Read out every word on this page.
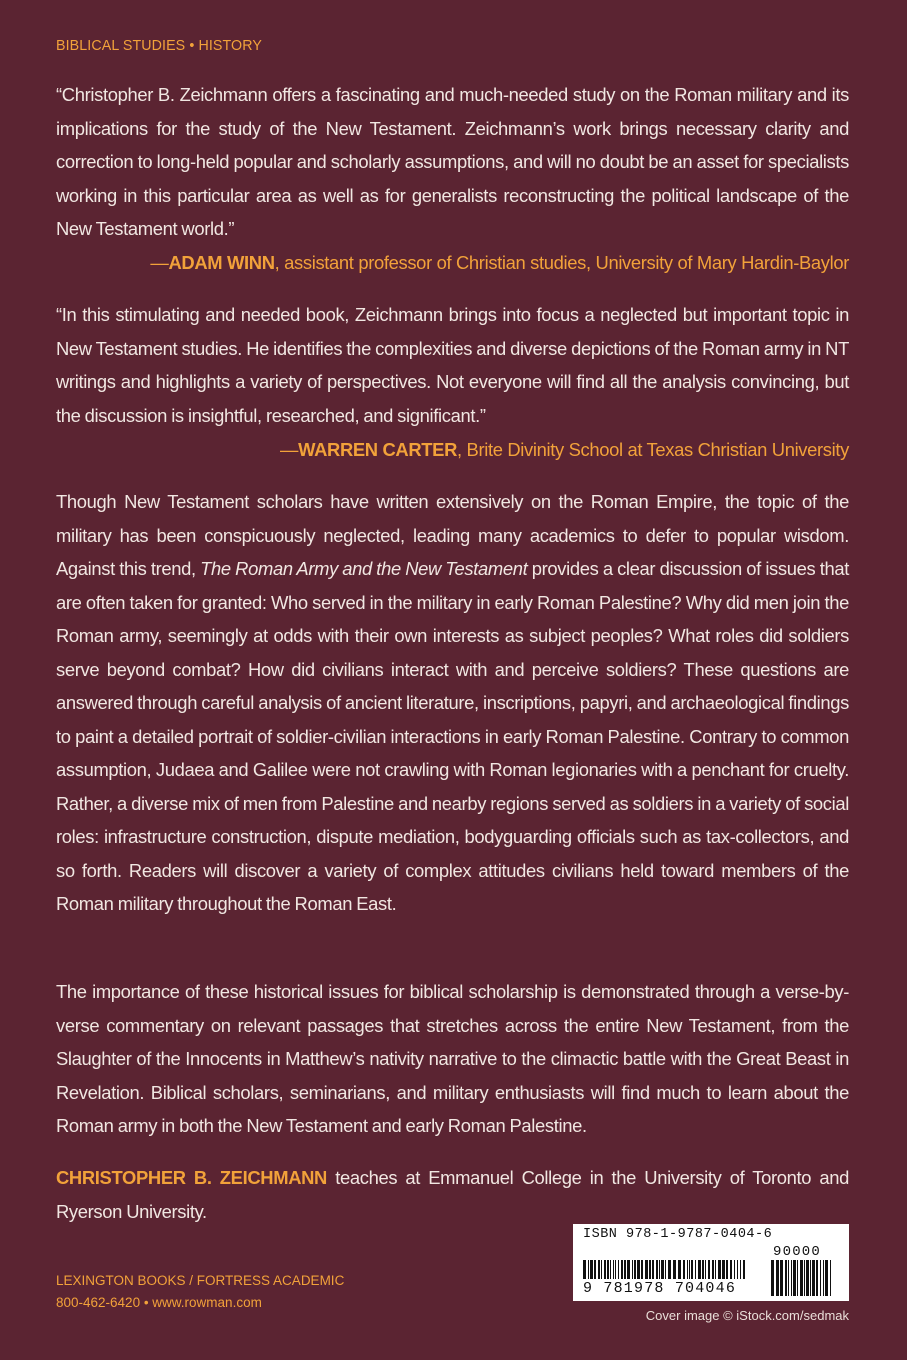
BIBLICAL STUDIES • HISTORY
“Christopher B. Zeichmann offers a fascinating and much-needed study on the Roman military and its implications for the study of the New Testament. Zeichmann’s work brings necessary clarity and correction to long-held popular and scholarly assumptions, and will no doubt be an asset for specialists working in this particular area as well as for generalists reconstructing the political landscape of the New Testament world.”
—ADAM WINN, assistant professor of Christian studies, University of Mary Hardin-Baylor
“In this stimulating and needed book, Zeichmann brings into focus a neglected but important topic in New Testament studies. He identifies the complexities and diverse depictions of the Roman army in NT writings and highlights a variety of perspectives. Not everyone will find all the analysis convincing, but the discussion is insightful, researched, and significant.”
—WARREN CARTER, Brite Divinity School at Texas Christian University
Though New Testament scholars have written extensively on the Roman Empire, the topic of the military has been conspicuously neglected, leading many academics to defer to popular wisdom. Against this trend, The Roman Army and the New Testament provides a clear discussion of issues that are often taken for granted: Who served in the military in early Roman Palestine? Why did men join the Roman army, seemingly at odds with their own interests as subject peoples? What roles did soldiers serve beyond combat? How did civilians interact with and perceive soldiers? These questions are answered through careful analysis of ancient literature, inscriptions, papyri, and archaeological findings to paint a detailed portrait of soldier-civilian interactions in early Roman Palestine. Contrary to common assumption, Judaea and Galilee were not crawling with Roman legionaries with a penchant for cruelty. Rather, a diverse mix of men from Palestine and nearby regions served as soldiers in a variety of social roles: infrastructure construction, dispute mediation, bodyguarding officials such as tax-collectors, and so forth. Readers will discover a variety of complex attitudes civilians held toward members of the Roman military throughout the Roman East.
The importance of these historical issues for biblical scholarship is demonstrated through a verse-by-verse commentary on relevant passages that stretches across the entire New Testament, from the Slaughter of the Innocents in Matthew’s nativity narrative to the climactic battle with the Great Beast in Revelation. Biblical scholars, seminarians, and military enthusiasts will find much to learn about the Roman army in both the New Testament and early Roman Palestine.
CHRISTOPHER B. ZEICHMANN teaches at Emmanuel College in the University of Toronto and Ryerson University.
LEXINGTON BOOKS / FORTRESS ACADEMIC
800-462-6420 • www.rowman.com
ISBN 978-1-9787-0404-6
9 781978 704046
90000
Cover image © iStock.com/sedmak
